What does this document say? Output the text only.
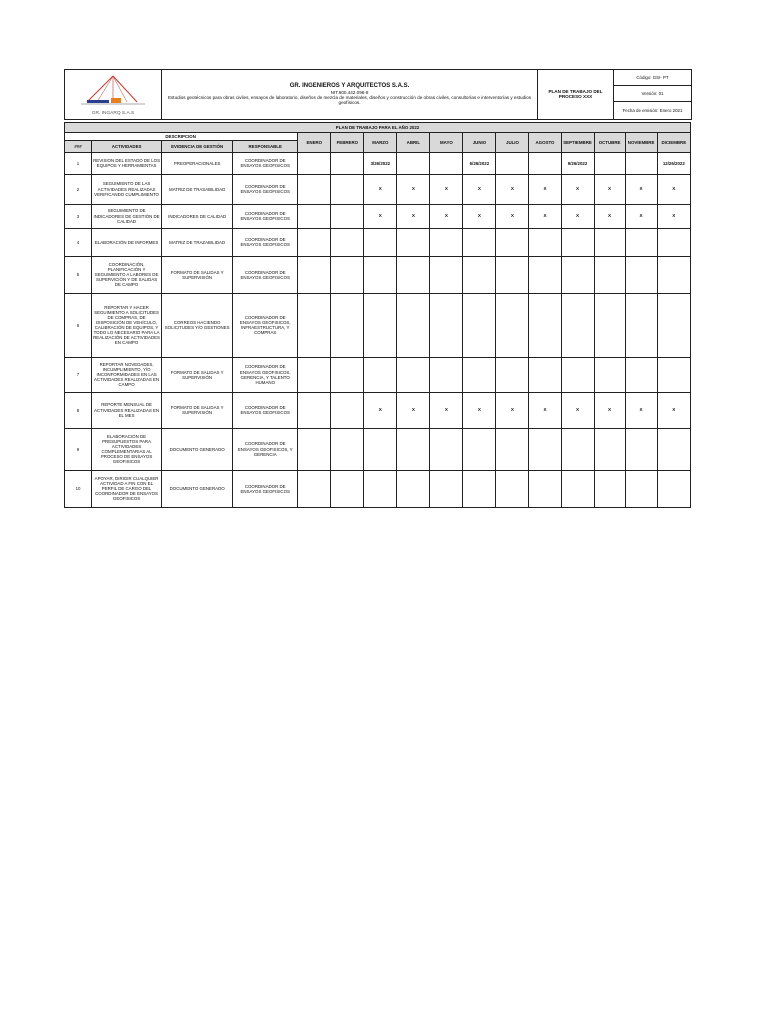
GR. INGARQ S.A.S

GR. INGENIEROS Y ARQUITECTOS S.A.S.
NIT.900.442.096-8
Estudios geotécnicos para obras civiles, ensayos de laboratorio, diseños de mezcla de materiales, diseños y construcción de obras civiles, consultorías e interventorías y estudios geofísicos.
	PLAN DE TRABAJO DEL PROCESO XXX	Código: GSI- PT
Versión: 01
Fecha de emisión: Enero 2021
PLAN DE TRABAJO PARA EL AÑO 2022															
DESCRIPCION				ENERO	FEBRERO	MARZO	ABRIL	MAYO	JUNIO	JULIO	AGOSTO	SEPTIEMBRE	OCTUBRE	NOVIEMBRE	DICIEMBRE
###	ACTIVIDADES	EVIDENCIA DE GESTIÓN	RESPONSABLE												
1	REVISION DEL ESTADO DE LOS EQUIPOS Y HERRAMIENTAS	PREOPERACIONALES	COORDINADOR DE ENSAYOS GEOFISICOS			3/26/2022			6/26/2022			9/26/2022			12/26/2022
2	SEGUIMIENTO DE LAS ACTIVIDADES REALIZADAS VERIFICANDO CUMPLIMIENTO	MATRIZ DE TRASABILIDAD	COORDINADOR DE ENSAYOS GEOFISICOS			X	X	X	X	X	X	X	X	X	X
3	SEGUIMIENTO DE INDICADORES DE GESTIÓN DE CALIDAD	INDICADORES DE CALIDAD	COORDINADOR DE ENSAYOS GEOFISICOS			X	X	X	X	X	X	X	X	X	X
4	ELABORACIÓN DE INFORMES	MATRIZ DE TRAZABILIDAD	COORDINADOR DE ENSAYOS GEOFISICOS												
5	COORDINACIÓN, PLANIFICACIÓN Y SEGUIMIENTO A LABORES DE SUPERVICIÓN Y DE SALIDAS DE CAMPO	FORMATO DE SALIDAS Y SUPERVISIÓN	COORDINADOR DE ENSAYOS GEOFISICOS												
6	REPORTAR Y HACER SEGUIMIENTO A SOLICITUDES DE COMPRAS, DE DISPOSICIÓN DE VEHÍCULO, CALIBRACIÓN DE EQUIPOS, Y TODO LO NECESARIO PARA LA REALIZACIÓN DE ACTIVIDADES EN CAMPO	CORREOS HACIENDO SOLICITUDES Y/O GESTIONES	COORDINADOR DE ENSAYOS GEOFISICOS, INFRAESTRUCTURA, Y COMPRAS												
7	REPORTAR NOVEDADES, INCUMPLIMIENTO, Y/O INCONFORMIDADES EN LAS ACTIVIDADES REALIZADAS EN CAMPO	FORMATO DE SALIDAS Y SUPERVISIÓN	COORDINADOR DE ENSAYOS GEOFISICOS, GERENCIA, Y TALENTO HUMANO												
8	REPORTE MENSUAL DE ACTIVIDADES REALIZADAS EN EL MES	FORMATO DE SALIDAS Y SUPERVISIÓN	COORDINADOR DE ENSAYOS GEOFISICOS			X	X	X	X	X	X	X	X	X	X
9	ELABORACIÓN DE PRESUPUESTOS PARA ACTIVIDADES COMPLEMENTARIAS AL PROCESO DE ENSAYOS GEOFISICOS	DOCUMENTO GENERADO	COORDINADOR DE ENSAYOS GEOFISICOS, Y GERENCIA												
10	APOYAR, DIRIGIR CUALQUIER ACTIVIDAD A FIN CON EL PERFIL DE CARGO DEL COORDINADOR DE ENSAYOS GEOFISICOS	DOCUMENTO GENERADO	COORDINADOR DE ENSAYOS GEOFISICOS												
